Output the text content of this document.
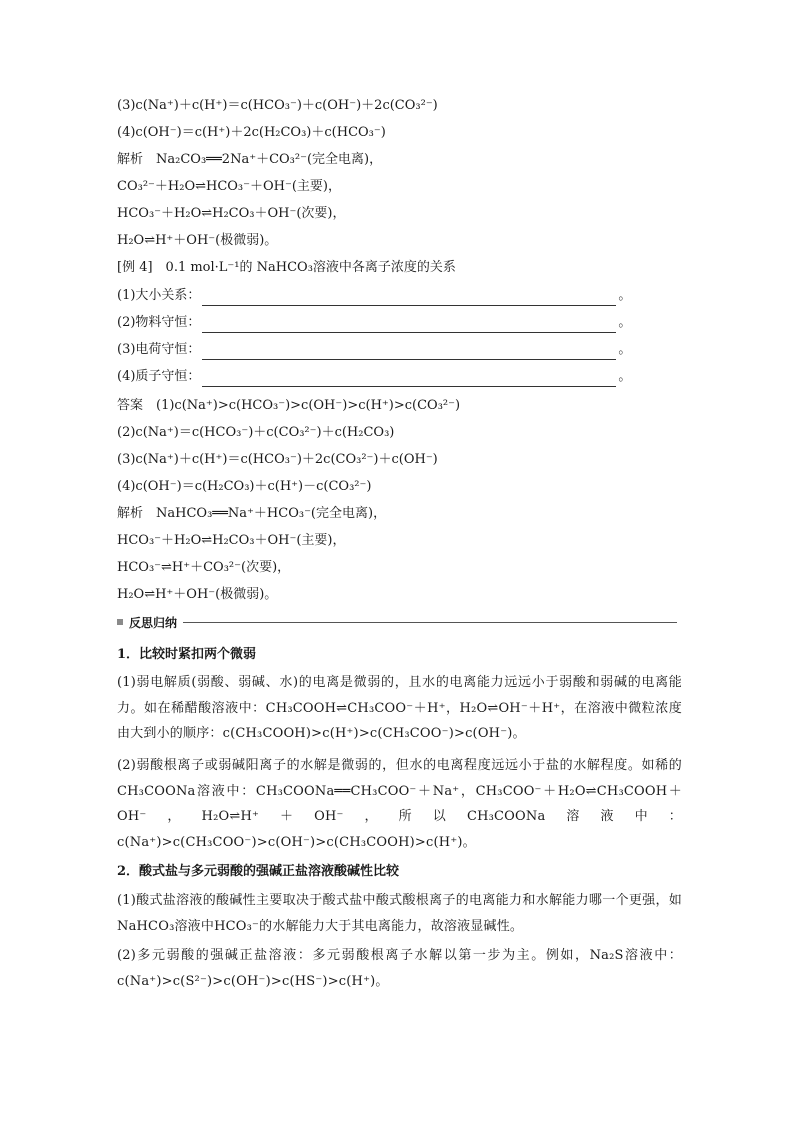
(3)c(Na⁺)＋c(H⁺)＝c(HCO₃⁻)＋c(OH⁻)＋2c(CO₃²⁻)
(4)c(OH⁻)＝c(H⁺)＋2c(H₂CO₃)＋c(HCO₃⁻)
解析　Na₂CO₃══2Na⁺＋CO₃²⁻(完全电离)，
CO₃²⁻＋H₂O⇌HCO₃⁻＋OH⁻(主要)，
HCO₃⁻＋H₂O⇌H₂CO₃＋OH⁻(次要)，
H₂O⇌H⁺＋OH⁻(极微弱)。
[例 4]　0.1 mol·L⁻¹的 NaHCO₃溶液中各离子浓度的关系
(1)大小关系：	。
(2)物料守恒：	。
(3)电荷守恒：	。
(4)质子守恒：	。
答案　(1)c(Na⁺)>c(HCO₃⁻)>c(OH⁻)>c(H⁺)>c(CO₃²⁻)
(2)c(Na⁺)＝c(HCO₃⁻)＋c(CO₃²⁻)＋c(H₂CO₃)
(3)c(Na⁺)＋c(H⁺)＝c(HCO₃⁻)＋2c(CO₃²⁻)＋c(OH⁻)
(4)c(OH⁻)＝c(H₂CO₃)＋c(H⁺)－c(CO₃²⁻)
解析　NaHCO₃══Na⁺＋HCO₃⁻(完全电离)，
HCO₃⁻＋H₂O⇌H₂CO₃＋OH⁻(主要)，
HCO₃⁻⇌H⁺＋CO₃²⁻(次要)，
H₂O⇌H⁺＋OH⁻(极微弱)。
反思归纳
1．比较时紧扣两个微弱
(1)弱电解质(弱酸、弱碱、水)的电离是微弱的，且水的电离能力远远小于弱酸和弱碱的电离能力。如在稀醋酸溶液中：CH₃COOH⇌CH₃COO⁻＋H⁺，H₂O⇌OH⁻＋H⁺，在溶液中微粒浓度由大到小的顺序：c(CH₃COOH)>c(H⁺)>c(CH₃COO⁻)>c(OH⁻)。
(2)弱酸根离子或弱碱阳离子的水解是微弱的，但水的电离程度远远小于盐的水解程度。如稀的CH₃COONa溶液中：CH₃COONa══CH₃COO⁻＋Na⁺，CH₃COO⁻＋H₂O⇌CH₃COOH＋OH⁻，H₂O⇌H⁺＋OH⁻，所以CH₃COONa溶液中：c(Na⁺)>c(CH₃COO⁻)>c(OH⁻)>c(CH₃COOH)>c(H⁺)。
2．酸式盐与多元弱酸的强碱正盐溶液酸碱性比较
(1)酸式盐溶液的酸碱性主要取决于酸式盐中酸式酸根离子的电离能力和水解能力哪一个更强，如NaHCO₃溶液中HCO₃⁻的水解能力大于其电离能力，故溶液显碱性。
(2)多元弱酸的强碱正盐溶液：多元弱酸根离子水解以第一步为主。例如，Na₂S溶液中：c(Na⁺)>c(S²⁻)>c(OH⁻)>c(HS⁻)>c(H⁺)。
